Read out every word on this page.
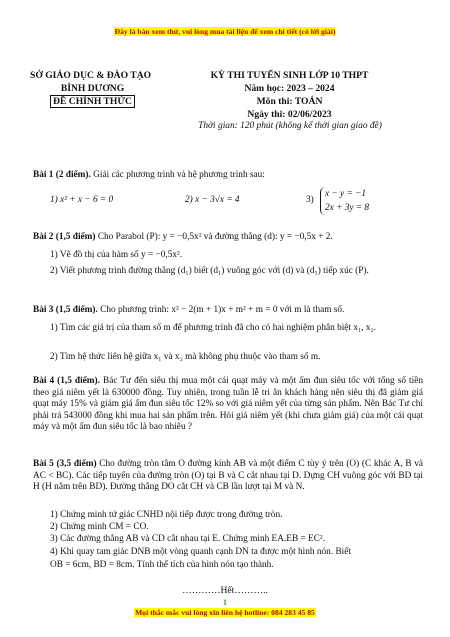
Đây là bản xem thử, vui lòng mua tài liệu để xem chi tiết (có lời giải)
SỞ GIÁO DỤC & ĐÀO TẠO
BÌNH DƯƠNG
ĐỀ CHÍNH THỨC
KỲ THI TUYỂN SINH LỚP 10 THPT
Năm học: 2023 – 2024
Môn thi: TOÁN
Ngày thi: 02/06/2023
Thời gian: 120 phút (không kể thời gian giao đề)
Bài 1 (2 điểm). Giải các phương trình và hệ phương trình sau:
1) x² + x − 6 = 0	2) x − 3√x = 4	3)
x − y = −1
2x + 3y = 8
Bài 2 (1,5 điểm) Cho Parabol (P): y = −0,5x² và đường thẳng (d): y = −0,5x + 2.
1) Vẽ đồ thị của hàm số y = −0,5x².
2) Viết phương trình đường thẳng (d₁) biết (d₁) vuông góc với (d) và (d₁) tiếp xúc (P).
Bài 3 (1,5 điểm). Cho phương trình: x² − 2(m + 1)x + m² + m = 0 với m là tham số.
1) Tìm các giá trị của tham số m để phương trình đã cho có hai nghiệm phân biệt x₁, x₂.
2) Tìm hệ thức liên hệ giữa x₁ và x₂ mà không phụ thuộc vào tham số m.
Bài 4 (1,5 điểm). Bác Tư đến siêu thị mua một cái quạt máy và một ấm đun siêu tốc với tổng số tiền theo giá niêm yết là 630000 đồng. Tuy nhiên, trong tuần lễ tri ân khách hàng nên siêu thị đã giảm giá quạt máy 15% và giảm giá ấm đun siêu tốc 12% so với giá niêm yết của từng sản phẩm. Nên Bác Tư chỉ phải trả 543000 đồng khi mua hai sản phẩm trên. Hỏi giá niêm yết (khi chưa giảm giá) của một cái quạt máy và một ấm đun siêu tốc là bao nhiêu ?
Bài 5 (3,5 điểm) Cho đường tròn tâm O đường kính AB và một điểm C tùy ý trên (O) (C khác A, B và AC < BC). Các tiếp tuyến của đường tròn (O) tại B và C cắt nhau tại D. Dựng CH vuông góc với BD tại H (H nằm trên BD). Đường thẳng DO cắt CH và CB lần lượt tại M và N.
1) Chứng minh tứ giác CNHD nội tiếp được trong đường tròn.
2) Chứng minh CM = CO.
3) Các đường thẳng AB và CD cắt nhau tại E. Chứng minh EA.EB = EC².
4) Khi quay tam giác DNB một vòng quanh cạnh DN ta được một hình nón. Biết
OB = 6cm, BD = 8cm. Tính thể tích của hình nón tạo thành.
…………Hết………..
1
Mọi thắc mắc vui lòng xin liên hệ hotline: 084 283 45 85
